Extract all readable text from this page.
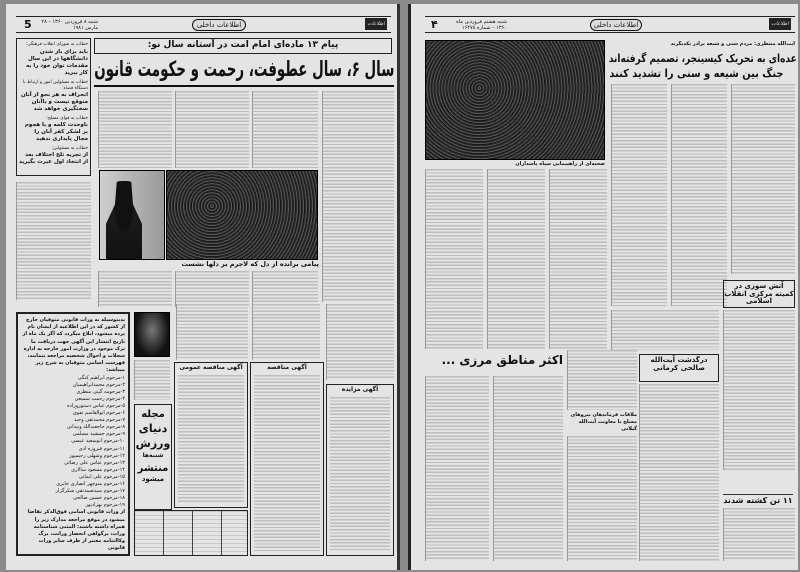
5	شنبه ۸ فروردین ۱۳۶۰ – ۲۸ مارس ۱۹۸۱	اطلاعات داخلی	اطلاعات
پیام ۱۳ ماده‌ای امام امت در آستانه سال نو:
سال ۶، سال عطوفت، رحمت و حکومت قانون
خطاب به شورای انقلاب فرهنگی:
باید برای باز شدن دانشگاهها در این سال مقدمات توان خود را به کار ببرید
خطاب به مسئولین امور و ارتباط با دستگاه قضاء:
انحراف به هر نحو از آنان متوقع نیست و باآنان سختگیری خواهد شد
خطاب به قوای مسلح:
باوحدت کلمه و با هجوم بر لشکر کفر آنان را مجال پایداری ندهید
خطاب به مسئولین:
از تجربه تلخ اختلاف بعد از انتخاد اول عبرت بگیرید
پیامی برانده از دل که لاجرم بر دلها نشست
بدینوسیله به وراث قانونی متوفیان خارج از کشور که در این اطلاعیه از ایشان نام برده میشود، ابلاغ میگردد که اگر یک ماه از تاریخ انتشار این آگهی جهت دریافت ما ترک موجود در وزارت امور خارجه به اداره سجلات و احوال شخصیه مراجعه ننمایند، فهرست اسامی متوفیان به شرح زیر میباشد:
۱-مرحوم ابراهیم کنگی
۲-مرحوم محمدابراهیمیان
۳-مرحومه گیتی منظری
۴-مرحوم رحمت سمیعی
۵-مرحوم عباس دستوروزاده
۶-مرحوم ابوالقاسم تفوی
۷-مرحوم محمدتقی وحید
۸-مرحوم حاجعبدالله وبیدانی
۹-مرحوم جمشید مسلمی
۱۰-مرحوم ابوسعید عیسی
۱۱-مرحوم فیروزه ادی
۱۲-مرحوم وشهلی رحیمپور
۱۳-مرحوم عباس علی رضائی
۱۴-مرحوم مسعود سالاری
۱۵-مرحوم علی ایمانی
۱۶-مرحوم منوچهر انصاری جابری
۱۷-مرحوم سیدصمدتقی شکرگزار
۱۸-مرحوم حسین صالحی
۱۹-مرحوم بهزادپور
از وراث قانونی اسامی فوق‌الذکر تقاضا میشود در موقع مراجعه مدارک زیر را همراه داشته باشند: المثنی شناسنامه وراث، برگواهی انحصار وراثت، برگ وکالتنامه معتبر از طرف سایر وراث قانونی
مجله
دنیای
ورزش
شنبه‌ها
منتشر
میشود
آگهی مناقصه عمومی	آگهی مناقصه
آگهی مزایده
۴	شنبه هشتم فروردین ماه ۱۳۶۰ – شماره ۱۶۴۷۸	اطلاعات داخلی	اطلاعات
صحنه‌ای از راهپیمایی سپاه پاسداران
آیت‌الله منتظری: مردم سنی و شیعه برادر یکدیگرند
عده‌ای به تحریک کیسینجر، تصمیم گرفته‌اند
جنگ بین شیعه و سنی را تشدید کنند
آتش سوزی در کمیته مرکزی انقلاب اسلامی
اکثر مناطق مرزی ...
ملاقات فرماندهان نیروهای مسلح با معاونت آیت‌الله گیلانی
درگذشت آیت‌الله صالحی کرمانی
۱۱ تن کشته شدند
